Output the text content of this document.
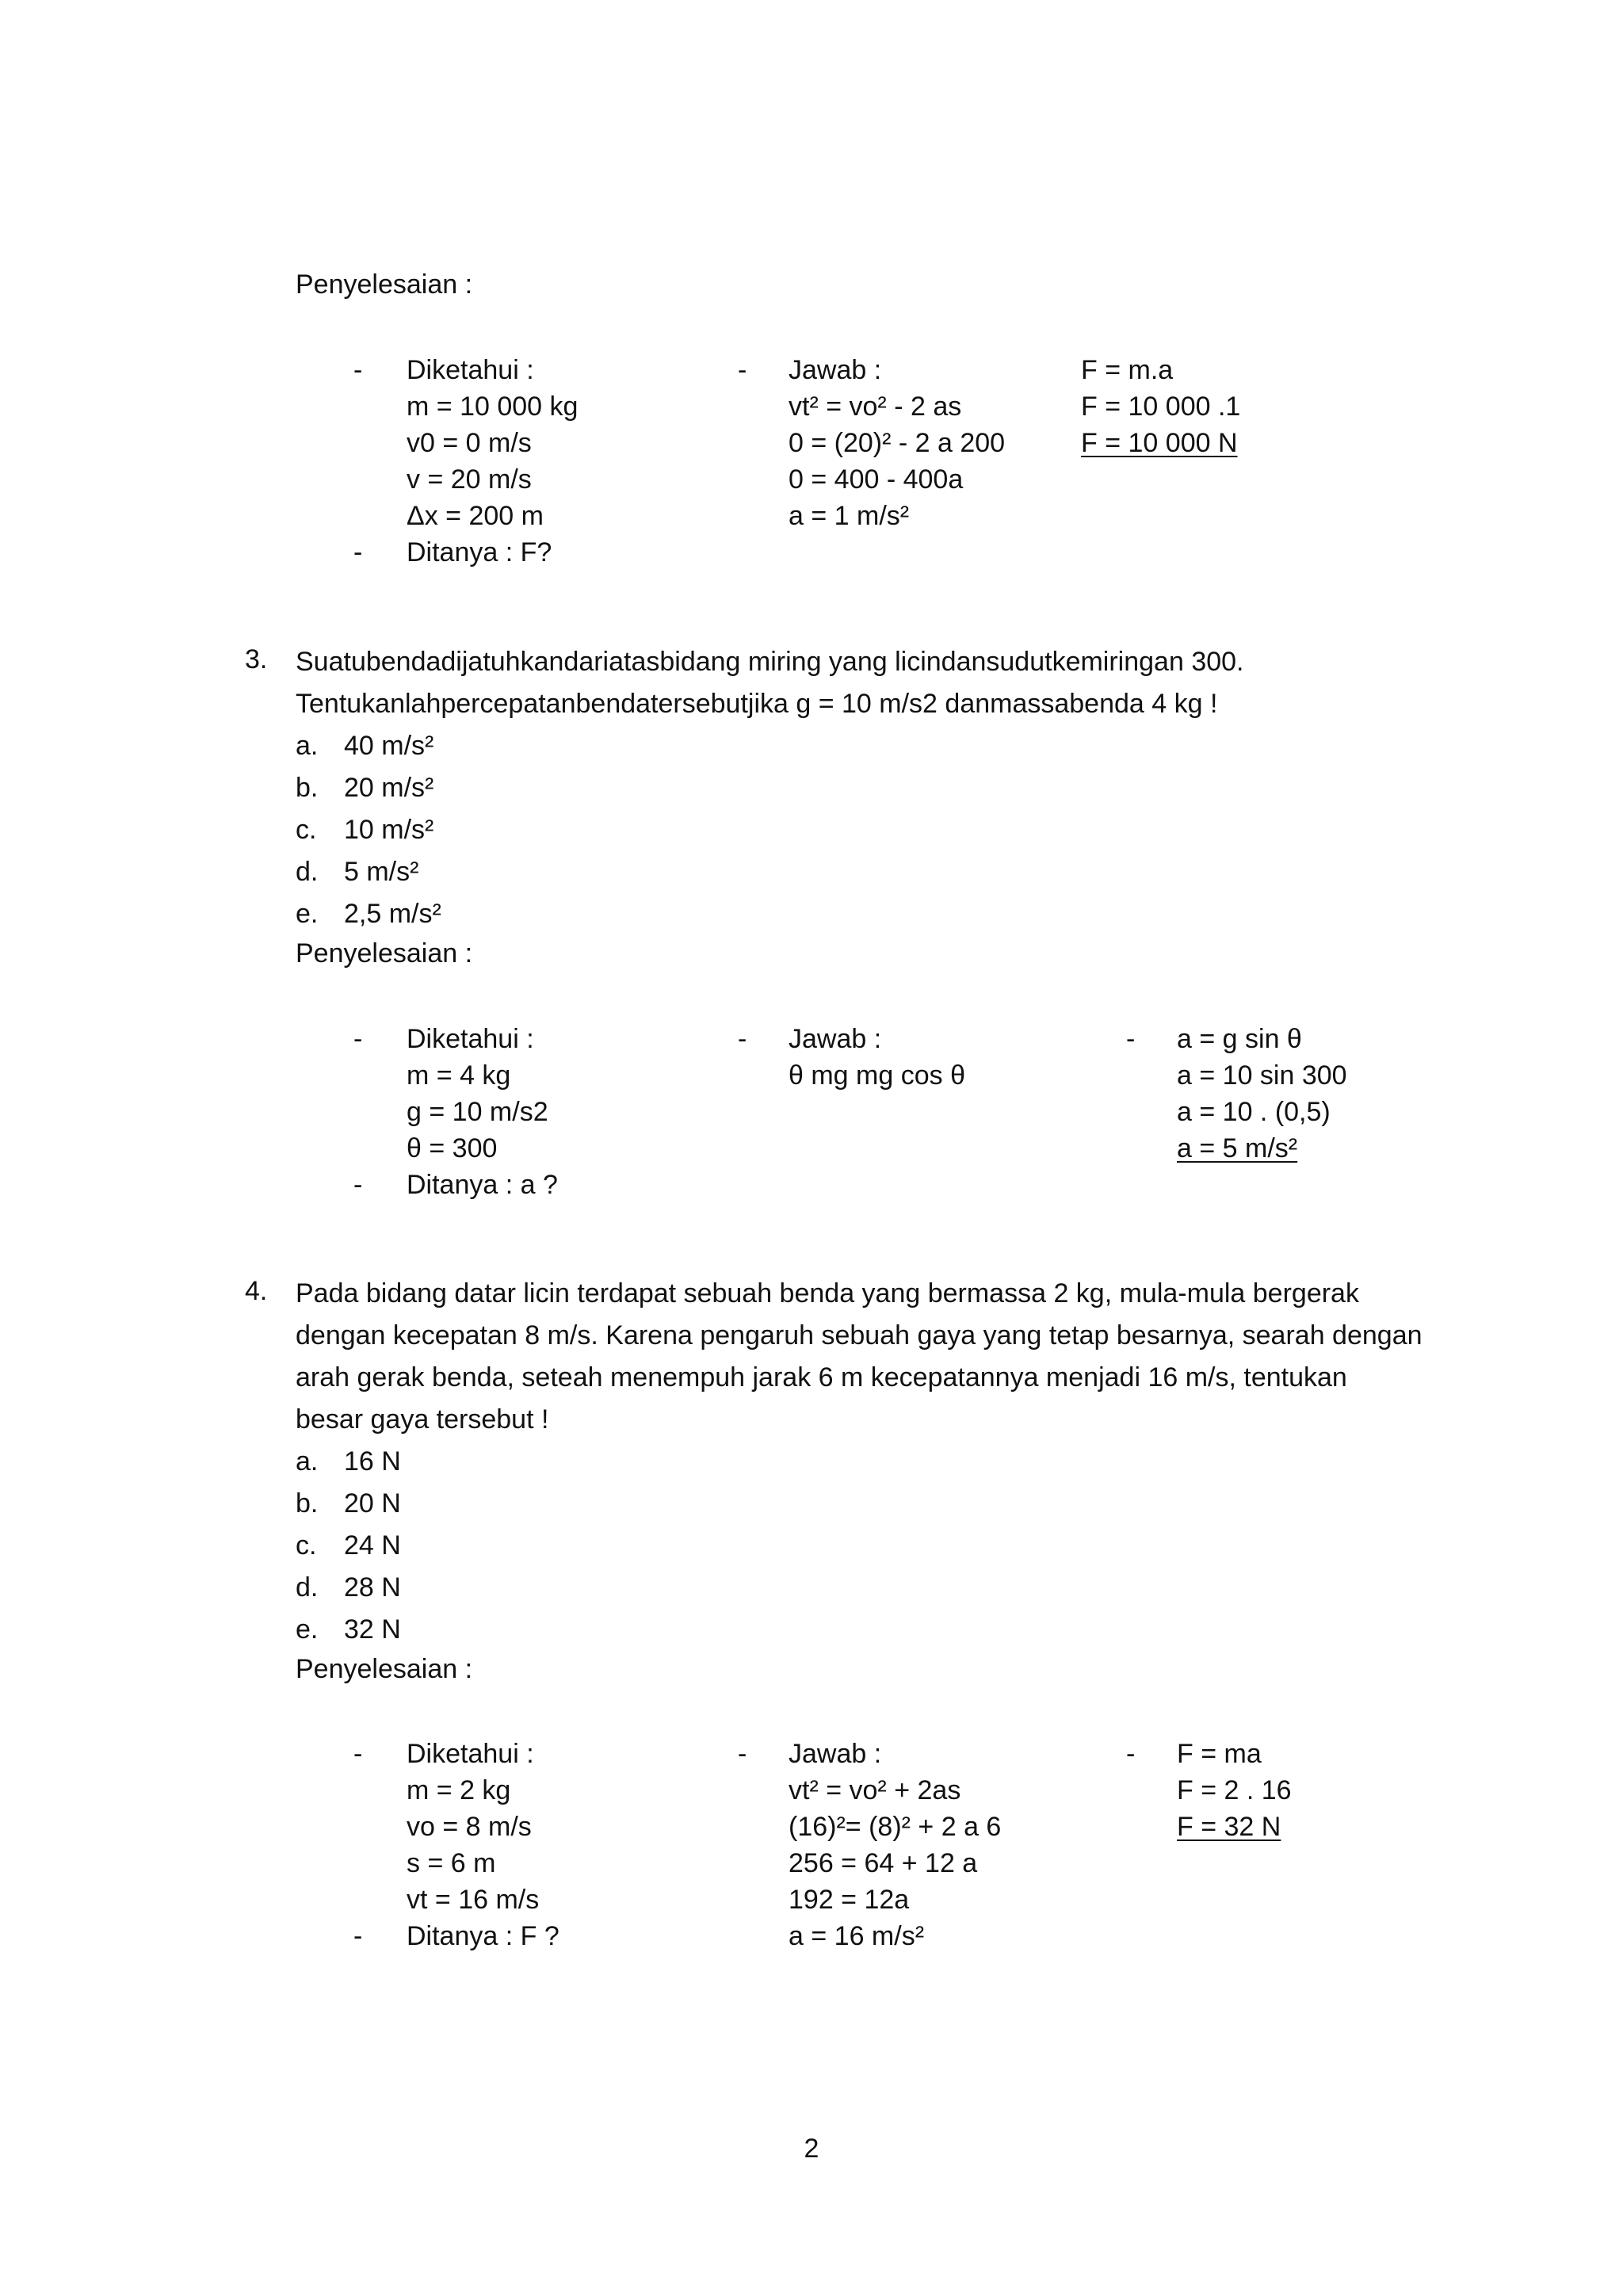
Penyelesaian :
- Diketahui :
m = 10 000 kg
v0 = 0 m/s
v = 20 m/s
Δx = 200 m
- Ditanya : F?
- Jawab :
vt² = vo² - 2 as
0 = (20)² - 2 a 200
0 = 400 - 400a
a = 1 m/s²
F = m.a
F = 10 000 .1
F = 10 000 N
3. Suatubendadijatuhkandariatasbidang miring yang licindansudutkemiringan 300.
Tentukanlahpercepatanbendatersebutjika g = 10 m/s2 danmassabenda 4 kg !
a.
b.
c.
d.
e.
40 m/s²
20 m/s²
10 m/s²
5 m/s²
2,5 m/s²
Penyelesaian :
- Diketahui :
m = 4 kg
g = 10 m/s2
θ = 300
- Ditanya : a ?
- Jawab :
θ mg mg cos θ
- a = g sin θ
a = 10 sin 300
a = 10 . (0,5)
a = 5 m/s²
4. Pada bidang datar licin terdapat sebuah benda yang bermassa 2 kg, mula-mula bergerak
dengan kecepatan 8 m/s. Karena pengaruh sebuah gaya yang tetap besarnya, searah dengan
arah gerak benda, seteah menempuh jarak 6 m kecepatannya menjadi 16 m/s, tentukan
besar gaya tersebut !
a.
b.
c.
d.
e.
16 N
20 N
24 N
28 N
32 N
Penyelesaian :
- Diketahui :
m = 2 kg
vo = 8 m/s
s = 6 m
vt = 16 m/s
- Ditanya : F ?
- Jawab :
vt² = vo² + 2as
(16)²= (8)² + 2 a 6
256 = 64 + 12 a
192 = 12a
a = 16 m/s²
- F = ma
F = 2 . 16
F = 32 N
2
